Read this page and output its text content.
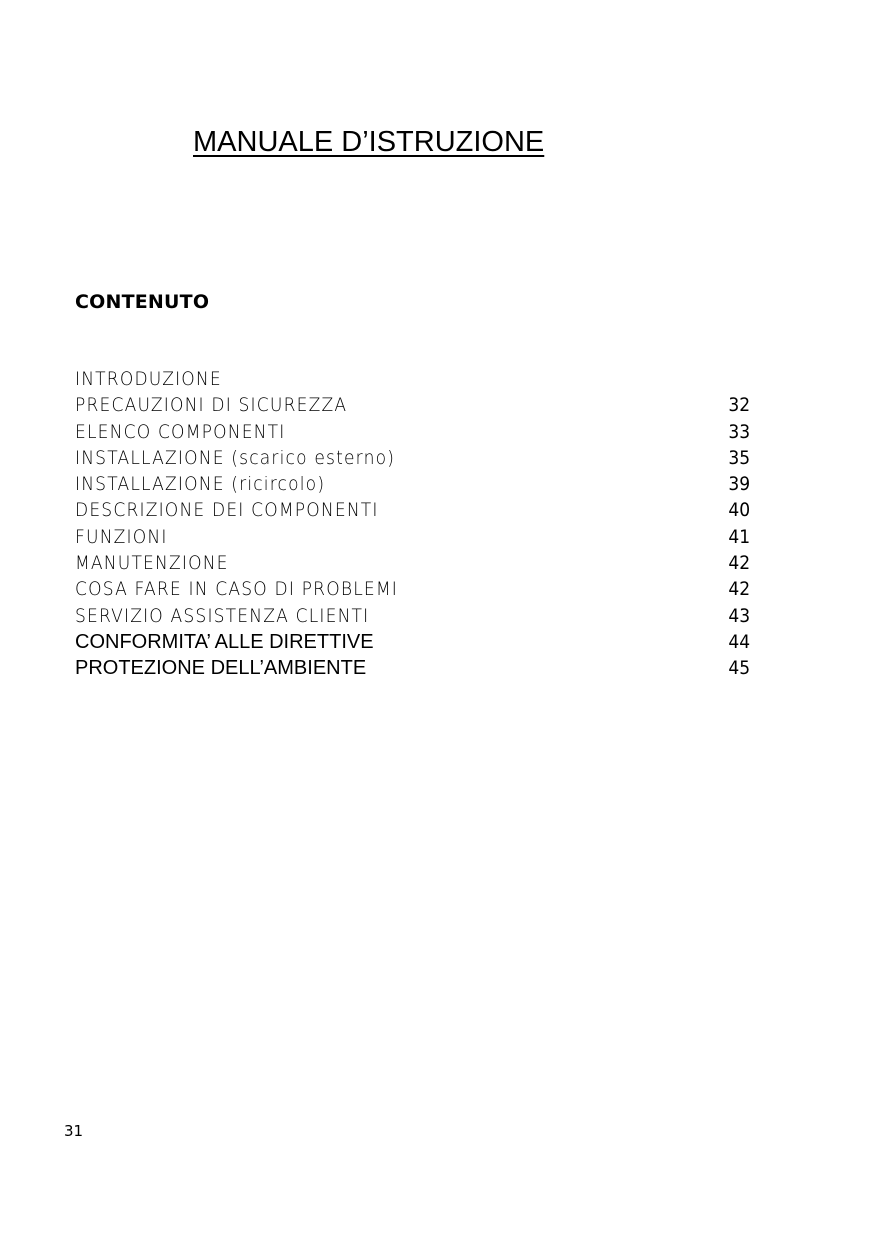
MANUALE D’ISTRUZIONE
CONTENUTO
INTRODUZIONE
PRECAUZIONI DI SICUREZZA	32
ELENCO COMPONENTI	33
INSTALLAZIONE (scarico esterno)	35
INSTALLAZIONE (ricircolo)	39
DESCRIZIONE DEI COMPONENTI	40
FUNZIONI	41
MANUTENZIONE	42
COSA FARE IN CASO DI PROBLEMI	42
SERVIZIO ASSISTENZA CLIENTI	43
CONFORMITA’ ALLE DIRETTIVE	44
PROTEZIONE DELL’AMBIENTE	45
31
